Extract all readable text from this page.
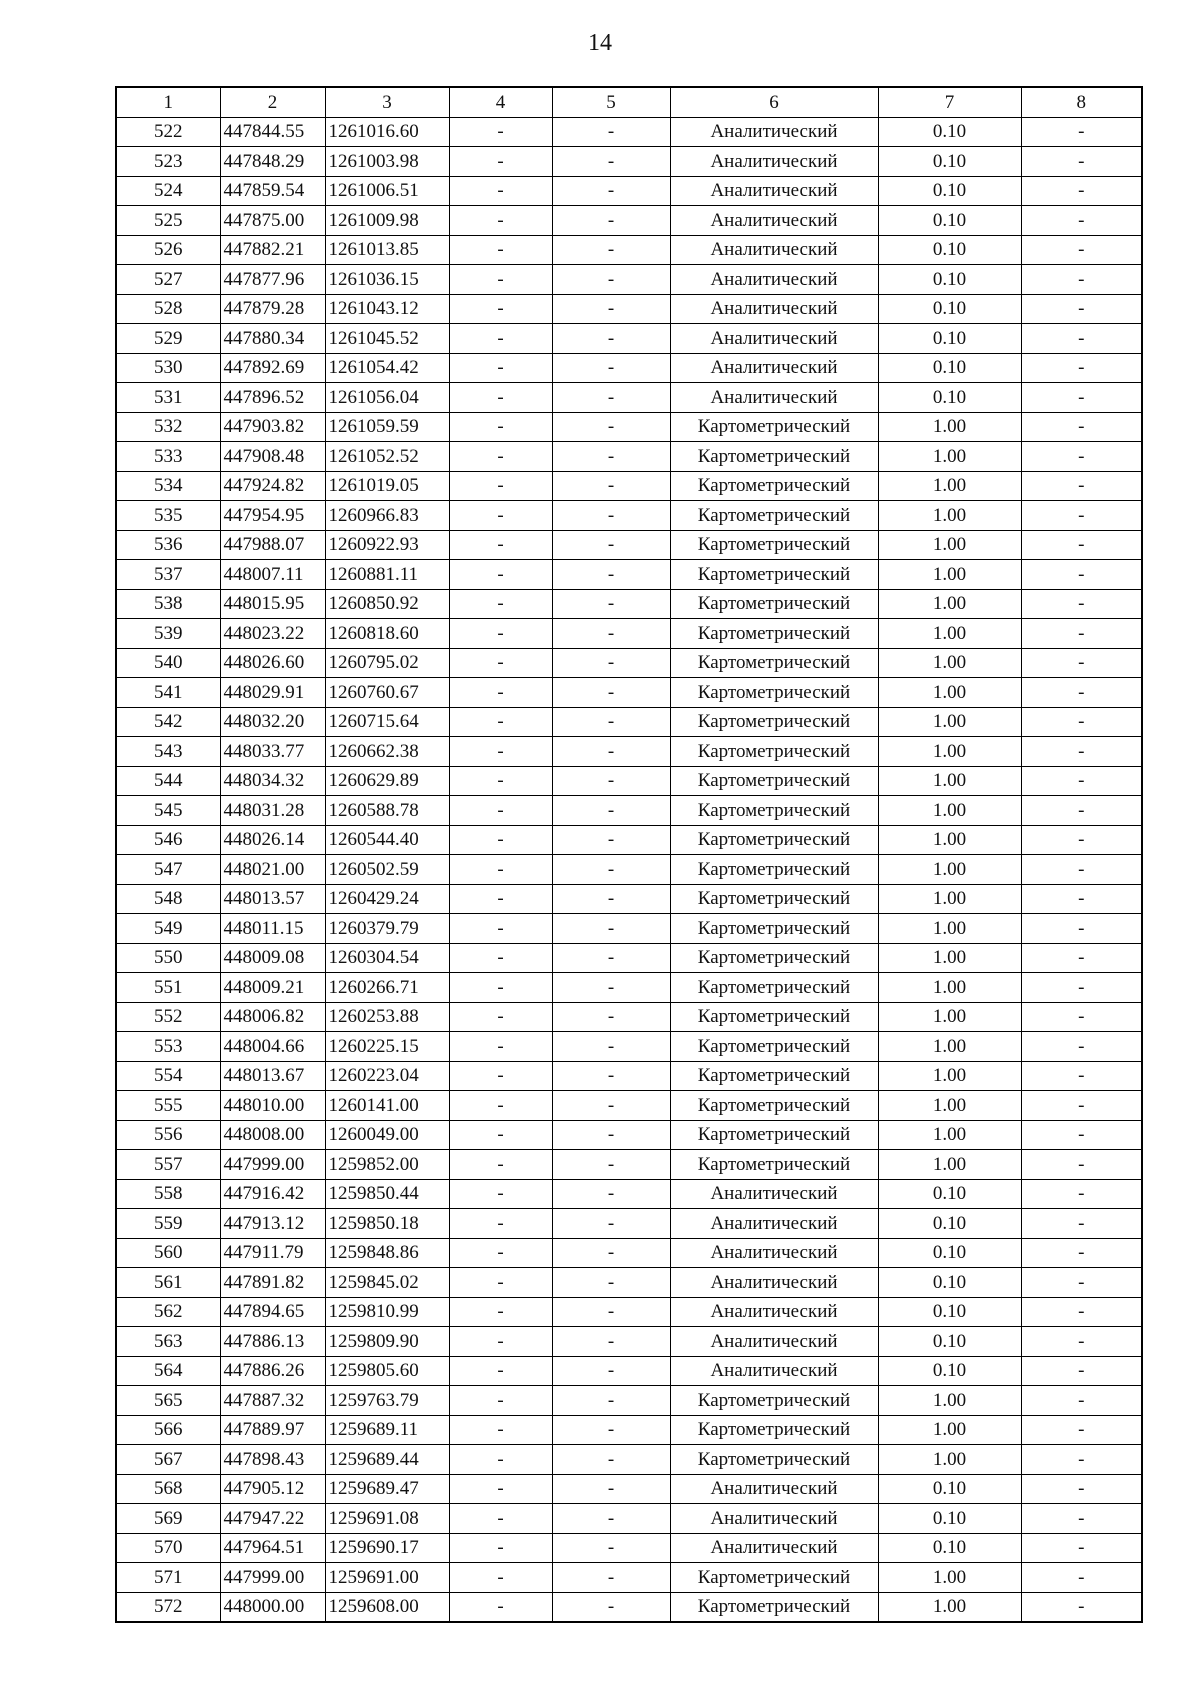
14
1	2	3	4	5	6	7	8
522	447844.55	1261016.60	-	-	Аналитический	0.10	-
523	447848.29	1261003.98	-	-	Аналитический	0.10	-
524	447859.54	1261006.51	-	-	Аналитический	0.10	-
525	447875.00	1261009.98	-	-	Аналитический	0.10	-
526	447882.21	1261013.85	-	-	Аналитический	0.10	-
527	447877.96	1261036.15	-	-	Аналитический	0.10	-
528	447879.28	1261043.12	-	-	Аналитический	0.10	-
529	447880.34	1261045.52	-	-	Аналитический	0.10	-
530	447892.69	1261054.42	-	-	Аналитический	0.10	-
531	447896.52	1261056.04	-	-	Аналитический	0.10	-
532	447903.82	1261059.59	-	-	Картометрический	1.00	-
533	447908.48	1261052.52	-	-	Картометрический	1.00	-
534	447924.82	1261019.05	-	-	Картометрический	1.00	-
535	447954.95	1260966.83	-	-	Картометрический	1.00	-
536	447988.07	1260922.93	-	-	Картометрический	1.00	-
537	448007.11	1260881.11	-	-	Картометрический	1.00	-
538	448015.95	1260850.92	-	-	Картометрический	1.00	-
539	448023.22	1260818.60	-	-	Картометрический	1.00	-
540	448026.60	1260795.02	-	-	Картометрический	1.00	-
541	448029.91	1260760.67	-	-	Картометрический	1.00	-
542	448032.20	1260715.64	-	-	Картометрический	1.00	-
543	448033.77	1260662.38	-	-	Картометрический	1.00	-
544	448034.32	1260629.89	-	-	Картометрический	1.00	-
545	448031.28	1260588.78	-	-	Картометрический	1.00	-
546	448026.14	1260544.40	-	-	Картометрический	1.00	-
547	448021.00	1260502.59	-	-	Картометрический	1.00	-
548	448013.57	1260429.24	-	-	Картометрический	1.00	-
549	448011.15	1260379.79	-	-	Картометрический	1.00	-
550	448009.08	1260304.54	-	-	Картометрический	1.00	-
551	448009.21	1260266.71	-	-	Картометрический	1.00	-
552	448006.82	1260253.88	-	-	Картометрический	1.00	-
553	448004.66	1260225.15	-	-	Картометрический	1.00	-
554	448013.67	1260223.04	-	-	Картометрический	1.00	-
555	448010.00	1260141.00	-	-	Картометрический	1.00	-
556	448008.00	1260049.00	-	-	Картометрический	1.00	-
557	447999.00	1259852.00	-	-	Картометрический	1.00	-
558	447916.42	1259850.44	-	-	Аналитический	0.10	-
559	447913.12	1259850.18	-	-	Аналитический	0.10	-
560	447911.79	1259848.86	-	-	Аналитический	0.10	-
561	447891.82	1259845.02	-	-	Аналитический	0.10	-
562	447894.65	1259810.99	-	-	Аналитический	0.10	-
563	447886.13	1259809.90	-	-	Аналитический	0.10	-
564	447886.26	1259805.60	-	-	Аналитический	0.10	-
565	447887.32	1259763.79	-	-	Картометрический	1.00	-
566	447889.97	1259689.11	-	-	Картометрический	1.00	-
567	447898.43	1259689.44	-	-	Картометрический	1.00	-
568	447905.12	1259689.47	-	-	Аналитический	0.10	-
569	447947.22	1259691.08	-	-	Аналитический	0.10	-
570	447964.51	1259690.17	-	-	Аналитический	0.10	-
571	447999.00	1259691.00	-	-	Картометрический	1.00	-
572	448000.00	1259608.00	-	-	Картометрический	1.00	-
